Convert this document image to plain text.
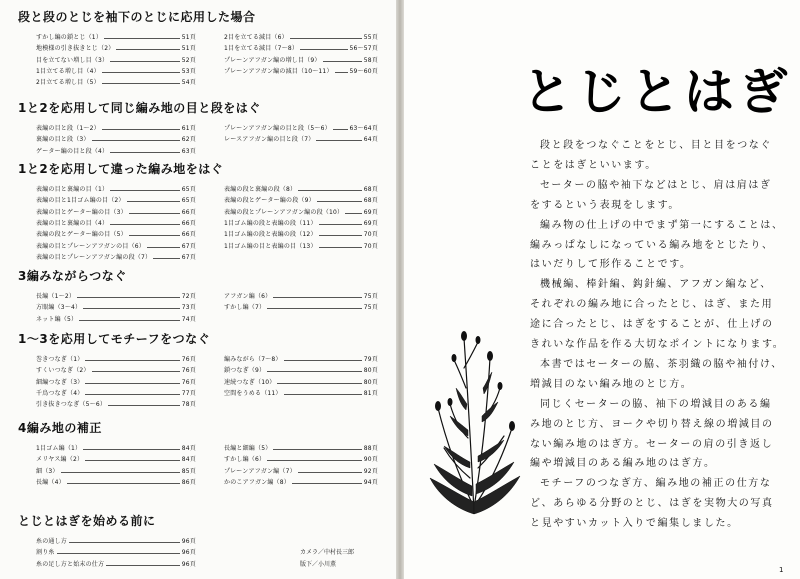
段と段のとじを袖下のとじに応用した場合
すかし編の鎖とじ（1）	51頁
地模様の引き抜きとじ（2）	51頁
目を立てない増し目（3）	52頁
1目立てる増し目（4）	53頁
2目立てる増し目（5）	54頁
2目を立てる減目（6）	55頁
1目を立てる減目（7〜8）	56〜57頁
プレーンアフガン編の増し目（9）	58頁
プレーンアフガン編の減目（10〜11）	59〜60頁
1と2を応用して同じ編み地の目と段をはぐ
表編の目と段（1〜2）	61頁
裏編の目と段（3）	62頁
ゲーター編の目と段（4）	63頁
プレーンアフガン編の目と段（5〜6）	63〜64頁
レースアフガン編の目と段（7）	64頁
1と2を応用して違った編み地をはぐ
表編の目と裏編の目（1）	65頁
表編の目と1目ゴム編の目（2）	65頁
表編の目とゲーター編の目（3）	66頁
表編の目と裏編の目（4）	66頁
表編の段とゲーター編の目（5）	66頁
表編の目とプレーンアフガンの目（6）	67頁
表編の目とプレーンアフガン編の段（7）	67頁
表編の段と裏編の段（8）	68頁
表編の段とゲーター編の段（9）	68頁
表編の段とプレーンアフガン編の段（10）	69頁
1目ゴム編の段と表編の段（11）	69頁
1目ゴム編の段と表編の段（12）	70頁
1目ゴム編の目と表編の目（13）	70頁
3編みながらつなぐ
長編（1〜2）	72頁
方眼編（3〜4）	73頁
ネット編（5）	74頁
アフガン編（6）	75頁
すかし編（7）	75頁
1〜3を応用してモチーフをつなぐ
巻きつなぎ（1）	76頁
すくいつなぎ（2）	76頁
細編つなぎ（3）	76頁
千鳥つなぎ（4）	77頁
引き抜きつなぎ（5〜6）	78頁
編みながら（7〜8）	79頁
鎖つなぎ（9）	80頁
速続つなぎ（10）	80頁
空間をうめる（11）	81頁
4編み地の補正
1目ゴム編（1）	84頁
メリヤス編（2）	84頁
細（3）	85頁
長編（4）	86頁
長編と細編（5）	88頁
すかし編（6）	90頁
プレーンアフガン編（7）	92頁
かのこアフガン編（8）	94頁
とじとはぎを始める前に
糸の通し方	96頁
割り糸	96頁
糸の足し方と始末の仕方	96頁
カメラ／中村長三郎
版下／小川薫
とじとはぎ
段と段をつなぐことをとじ、目と目をつなぐ
ことをはぎといいます。
セーターの脇や袖下などはとじ、肩は肩はぎ
をするという表現をします。
編み物の仕上げの中でまず第一にすることは、
編みっぱなしになっている編み地をとじたり、
はいだりして形作ることです。
機械編、棒針編、鈎針編、アフガン編など、
それぞれの編み地に合ったとじ、はぎ、また用
途に合ったとじ、はぎをすることが、仕上げの
きれいな作品を作る大切なポイントになります。
本書ではセーターの脇、茶羽織の脇や袖付け、
増減目のない編み地のとじ方。
同じくセーターの脇、袖下の増減目のある編
み地のとじ方、ヨークや切り替え線の増減目の
ない編み地のはぎ方。セーターの肩の引き返し
編や増減目のある編み地のはぎ方。
モチーフのつなぎ方、編み地の補正の仕方な
ど、あらゆる分野のとじ、はぎを実物大の写真
と見やすいカット入りで編集しました。
1
